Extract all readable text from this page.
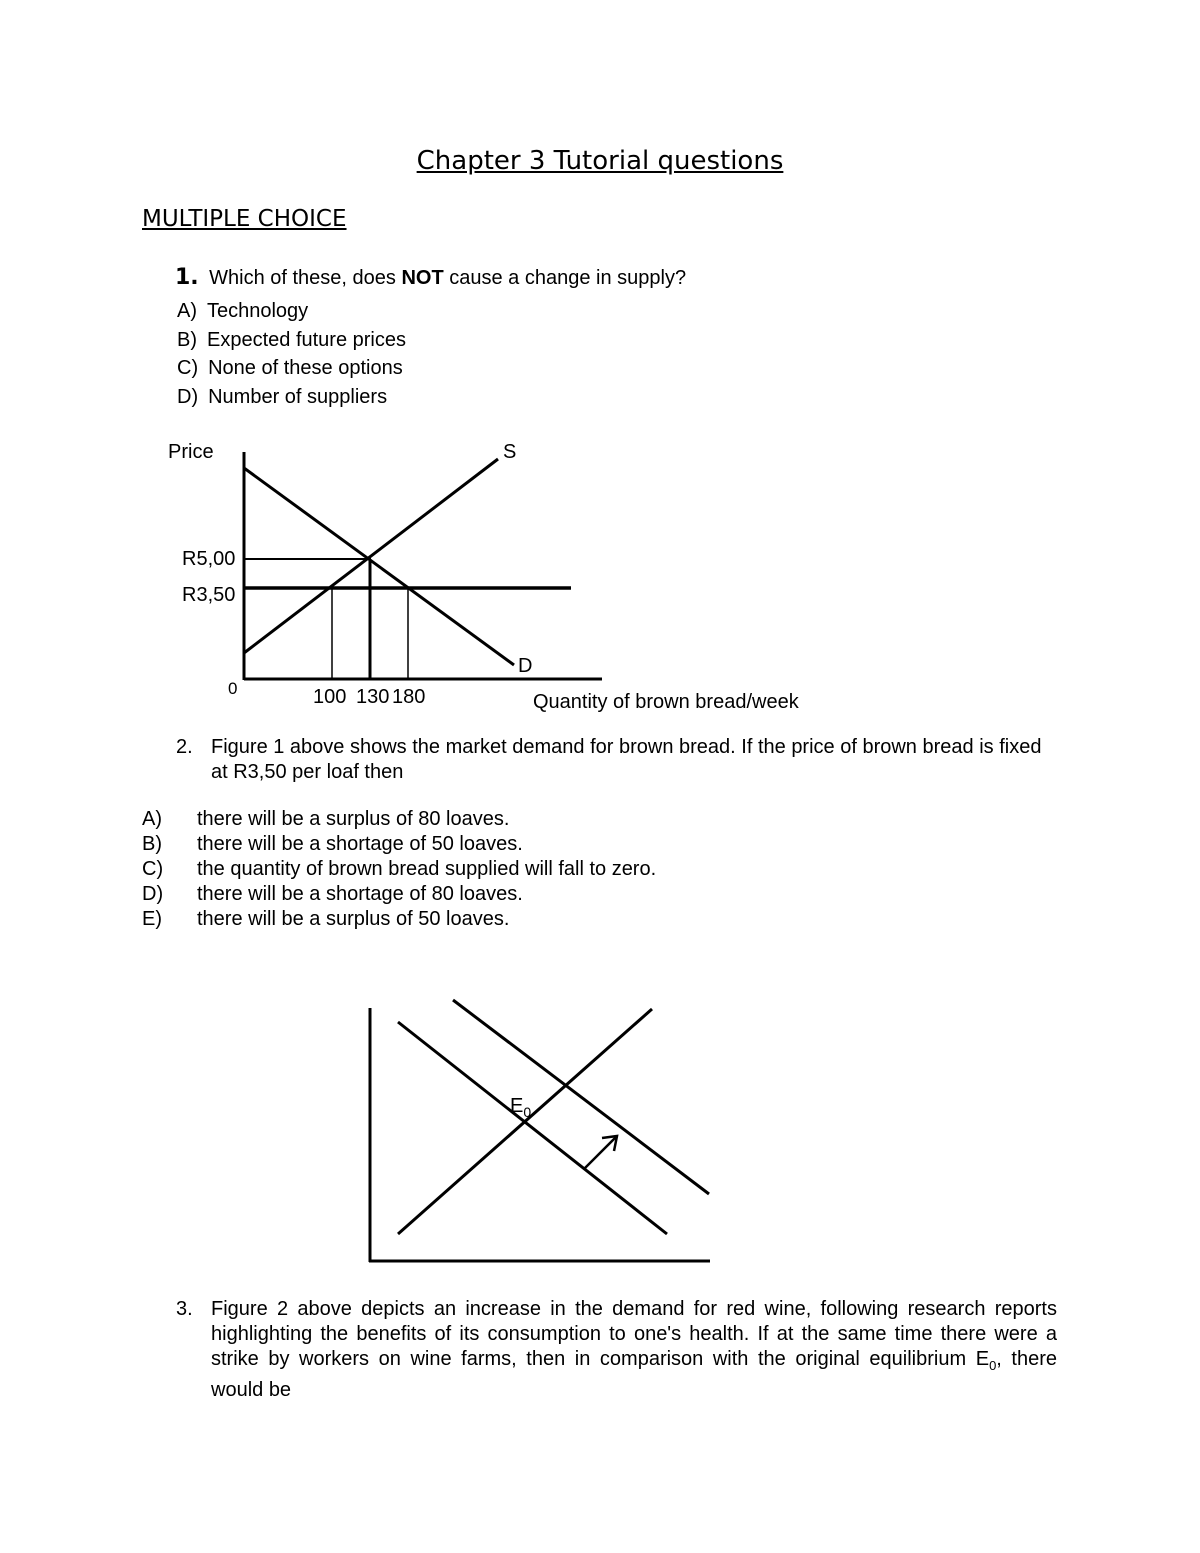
Chapter 3 Tutorial questions
MULTIPLE CHOICE
1. Which of these, does NOT cause a change in supply?
A) Technology
B) Expected future prices
C) None of these options
D) Number of suppliers
Price	S
R5,00
R3,50
D
0	100 130 180	Quantity of brown bread/week
2. Figure 1 above shows the market demand for brown bread. If the price of brown bread is fixed at R3,50 per loaf then
A) there will be a surplus of 80 loaves.
B) there will be a shortage of 50 loaves.
C) the quantity of brown bread supplied will fall to zero.
D) there will be a shortage of 80 loaves.
E) there will be a surplus of 50 loaves.
$E_0$
3. Figure 2 above depicts an increase in the demand for red wine, following research reports highlighting the benefits of its consumption to one's health. If at the same time there were a strike by workers on wine farms, then in comparison with the original equilibrium $E_0$, there would be
